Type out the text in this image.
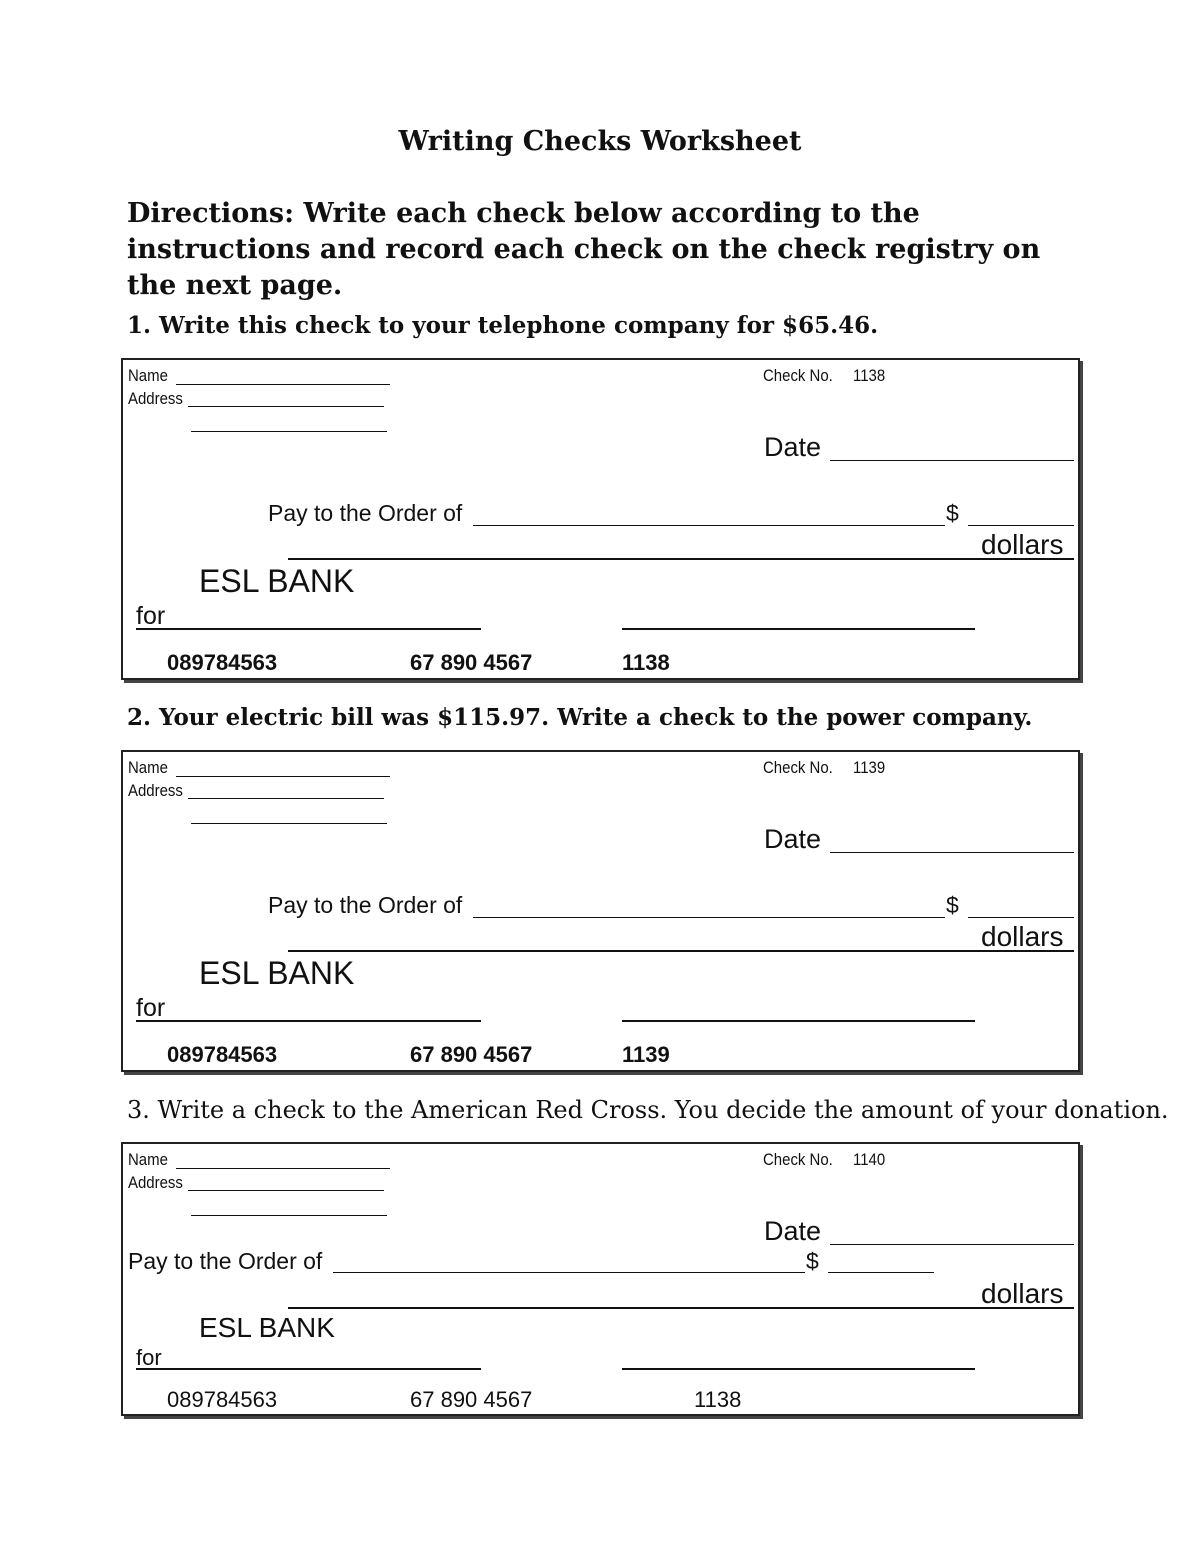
Writing Checks Worksheet
Directions: Write each check below according to the instructions and record each check on the check registry on the next page.
1. Write this check to your telephone company for $65.46.
Name
Address
Check No. 1138
Date
Pay to the Order of	$
dollars
ESL BANK
for
089784563	67 890 4567	1138
2. Your electric bill was $115.97. Write a check to the power company.
Name
Address
Check No. 1139
Date
Pay to the Order of	$
dollars
ESL BANK
for
089784563	67 890 4567	1139
3. Write a check to the American Red Cross. You decide the amount of your donation.
Name
Address
Check No. 1140
Date
Pay to the Order of	$
dollars
ESL BANK
for
089784563	67 890 4567	1138
